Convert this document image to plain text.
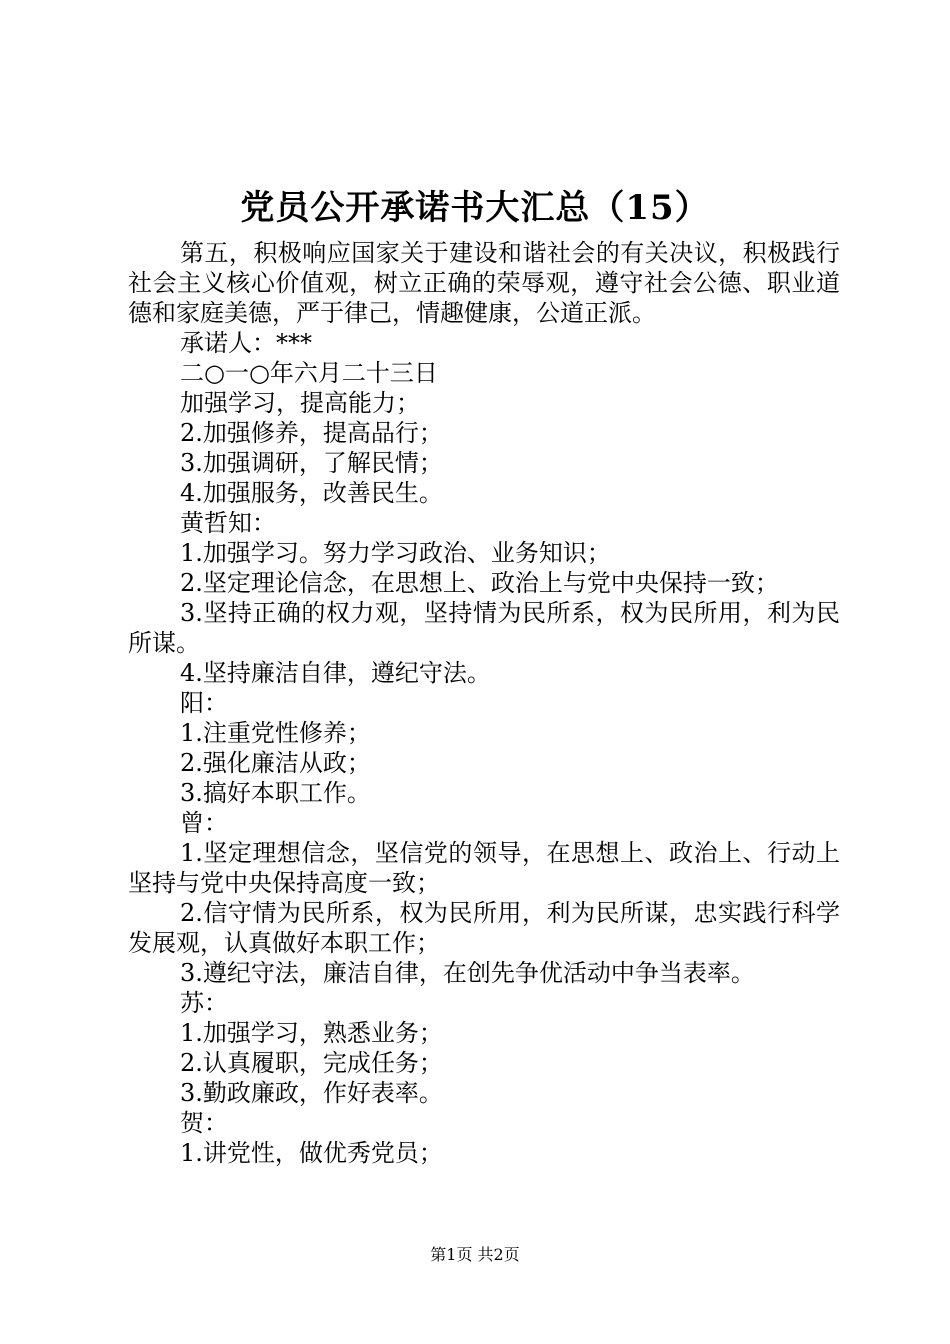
党员公开承诺书大汇总（15）

第五，积极响应国家关于建设和谐社会的有关决议，积极践行社会主义核心价值观，树立正确的荣辱观，遵守社会公德、职业道德和家庭美德，严于律己，情趣健康，公道正派。

承诺人：***

二○一○年六月二十三日

加强学习，提高能力；

2.加强修养，提高品行；

3.加强调研，了解民情；

4.加强服务，改善民生。

黄哲知：

1.加强学习。努力学习政治、业务知识；

2.坚定理论信念，在思想上、政治上与党中央保持一致；

3.坚持正确的权力观，坚持情为民所系，权为民所用，利为民所谋。

4.坚持廉洁自律，遵纪守法。

阳：

1.注重党性修养；

2.强化廉洁从政；

3.搞好本职工作。

曾：

1.坚定理想信念，坚信党的领导，在思想上、政治上、行动上坚持与党中央保持高度一致；

2.信守情为民所系，权为民所用，利为民所谋，忠实践行科学发展观，认真做好本职工作；

3.遵纪守法，廉洁自律，在创先争优活动中争当表率。

苏：

1.加强学习，熟悉业务；

2.认真履职，完成任务；

3.勤政廉政，作好表率。

贺：

1.讲党性，做优秀党员；

第1页 共2页
